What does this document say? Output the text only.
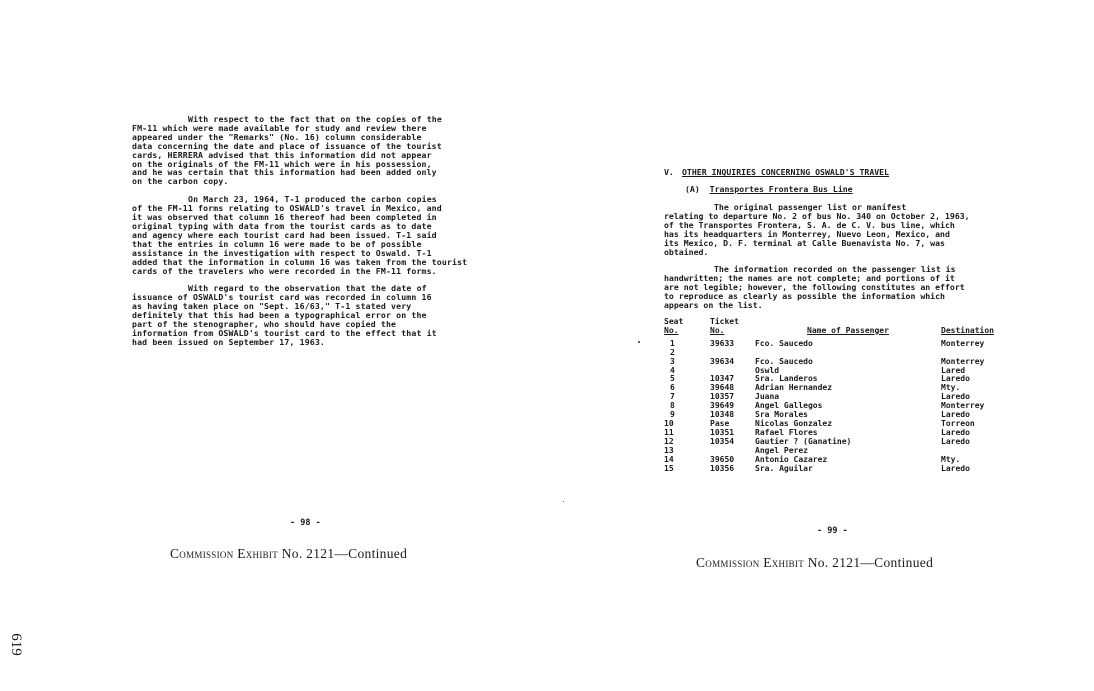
With respect to the fact that on the copies of the
FM-11 which were made available for study and review there
appeared under the "Remarks" (No. 16) column considerable
data concerning the date and place of issuance of the tourist
cards, HERRERA advised that this information did not appear
on the originals of the FM-11 which were in his possession,
and he was certain that this information had been added only
on the carbon copy.

On March 23, 1964, T-1 produced the carbon copies
of the FM-11 forms relating to OSWALD's travel in Mexico, and
it was observed that column 16 thereof had been completed in
original typing with data from the tourist cards as to date
and agency where each tourist card had been issued. T-1 said
that the entries in column 16 were made to be of possible
assistance in the investigation with respect to Oswald. T-1
added that the information in column 16 was taken from the tourist
cards of the travelers who were recorded in the FM-11 forms.

With regard to the observation that the date of
issuance of OSWALD's tourist card was recorded in column 16
as having taken place on "Sept. 16/63," T-1 stated very
definitely that this had been a typographical error on the
part of the stenographer, who should have copied the
information from OSWALD's tourist card to the effect that it
had been issued on September 17, 1963.

- 98 -
Commission Exhibit No. 2121—Continued
V. OTHER INQUIRIES CONCERNING OSWALD'S TRAVEL
(A) Transportes Frontera Bus Line

The original passenger list or manifest
relating to departure No. 2 of bus No. 340 on October 2, 1963,
of the Transportes Frontera, S. A. de C. V. bus line, which
has its headquarters in Monterrey, Nuevo Leon, Mexico, and
its Mexico, D. F. terminal at Calle Buenavista No. 7, was
obtained.

The information recorded on the passenger list is
handwritten; the names are not complete; and portions of it
are not legible; however, the following constitutes an effort
to reproduce as clearly as possible the information which
appears on the list.

Seat
No.	Ticket
No.	Name of Passenger	Destination
1	39633	Fco. Saucedo	Monterrey
2			
3	39634	Fco. Saucedo	Monterrey
4		Oswld	Lared
5	10347	Sra. Landeros	Laredo
6	39648	Adrian Hernandez	Mty.
7	10357	Juana	Laredo
8	39649	Angel Gallegos	Monterrey
9	10348	Sra Morales	Laredo
10	Pase	Nicolas Gonzalez	Torreon
11	10351	Rafael Flores	Laredo
12	10354	Gautier ? (Ganatine)	Laredo
13		Angel Perez	
14	39650	Antonio Cazarez	Mty.
15	10356	Sra. Aguilar	Laredo
- 99 -
Commission Exhibit No. 2121—Continued
619
